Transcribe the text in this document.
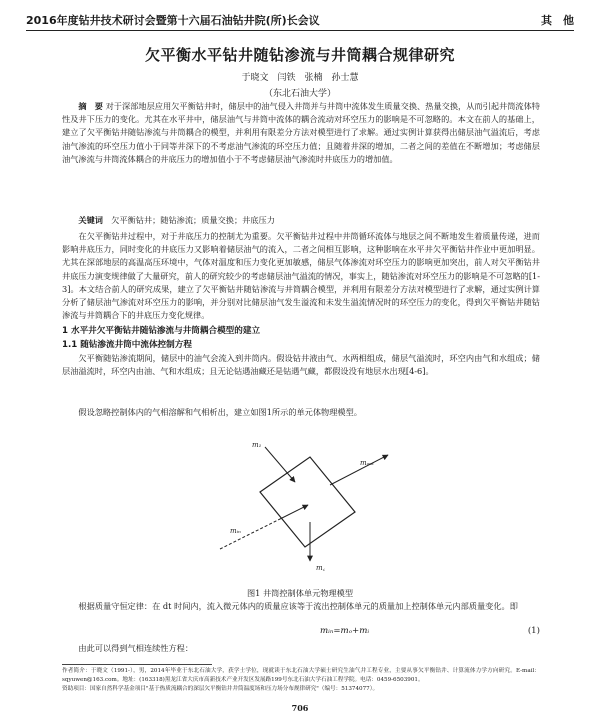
2016年度钻井技术研讨会暨第十六届石油钻井院(所)长会议	其　他
欠平衡水平钻井随钻渗流与井筒耦合规律研究
于晓文　闫铁　张楠　孙士慧
（东北石油大学）
摘　要 对于深部地层应用欠平衡钻井时，储层中的油气侵入井筒并与井筒中流体发生质量交换、热量交换，从而引起井筒流体特性及井下压力的变化。尤其在水平井中，储层油气与井筒中流体的耦合流动对环空压力的影响是不可忽略的。本文在前人的基础上，建立了欠平衡钻井随钻渗流与井筒耦合的模型，并利用有限差分方法对模型进行了求解。通过实例计算获得出储层油气溢流后，考虑油气渗流的环空压力值小于同等井深下的不考虑油气渗流的环空压力值；且随着井深的增加，二者之间的差值在不断增加；考虑储层油气渗流与井筒流体耦合的井底压力的增加值小于不考虑储层油气渗流时井底压力的增加值。
关键词　 欠平衡钻井；随钻渗流；质量交换；井底压力
在欠平衡钻井过程中，对于井底压力的控制尤为重要。欠平衡钻井过程中井筒循环流体与地层之间不断地发生着质量传递，进而影响井底压力，同时变化的井底压力又影响着储层油气的流入，二者之间相互影响，这种影响在水平井欠平衡钻井作业中更加明显。尤其在深部地层的高温高压环境中，气体对温度和压力变化更加敏感，储层气体渗流对环空压力的影响更加突出，前人对欠平衡钻井井底压力演变规律做了大量研究，前人的研究较少的考虑储层油气溢流的情况，事实上，随钻渗流对环空压力的影响是不可忽略的[1-3]。本文结合前人的研究成果，建立了欠平衡钻井随钻渗流与井筒耦合模型，并利用有限差分方法对模型进行了求解，通过实例计算分析了储层油气渗流对环空压力的影响，并分别对比储层油气发生溢流和未发生溢流情况时的环空压力的变化，得到欠平衡钻井随钻渗流与井筒耦合下的井底压力变化规律。
1 水平井欠平衡钻井随钻渗流与井筒耦合模型的建立
1.1 随钻渗流井筒中流体控制方程
欠平衡随钻渗流期间，储层中的油气会流入到井筒内。假设钻井液由气、水两相组成，储层气溢流时，环空内由气和水组成；储层油溢流时，环空内由油、气和水组成；且无论钻遇油藏还是钻遇气藏，都假设没有地层水出现[4-6]。
假设忽略控制体内的气相溶解和气相析出，建立如图1所示的单元体物理模型。
m₁
mᵢₙ
mₒᵤₜ
m꜀
图1 井筒控制体单元物理模型
根据质量守恒定律：在 dt 时间内，流入微元体内的质量应该等于流出控制体单元的质量加上控制体单元内部质量变化。即
mᵢₙ=mₒ+mᵢ	(1)
由此可以得到气相连续性方程：
作者简介：于晓文（1991-），男，2014年毕业于东北石油大学，获学士学位，现就读于东北石油大学硕士研究生油气井工程专业，主要从事欠平衡钻井、计算流体力学方向研究。E-mail：sqyuwen@163.com。地址：(163318)黑龙江省大庆市高新技术产业开发区发展路199号东北石油大学石油工程学院。电话：0459-6503901。
资助项目：国家自然科学基金项目"基于热质流耦合的深层欠平衡钻井井筒温度场和压力场分布规律研究"（编号：51374077）。
706
